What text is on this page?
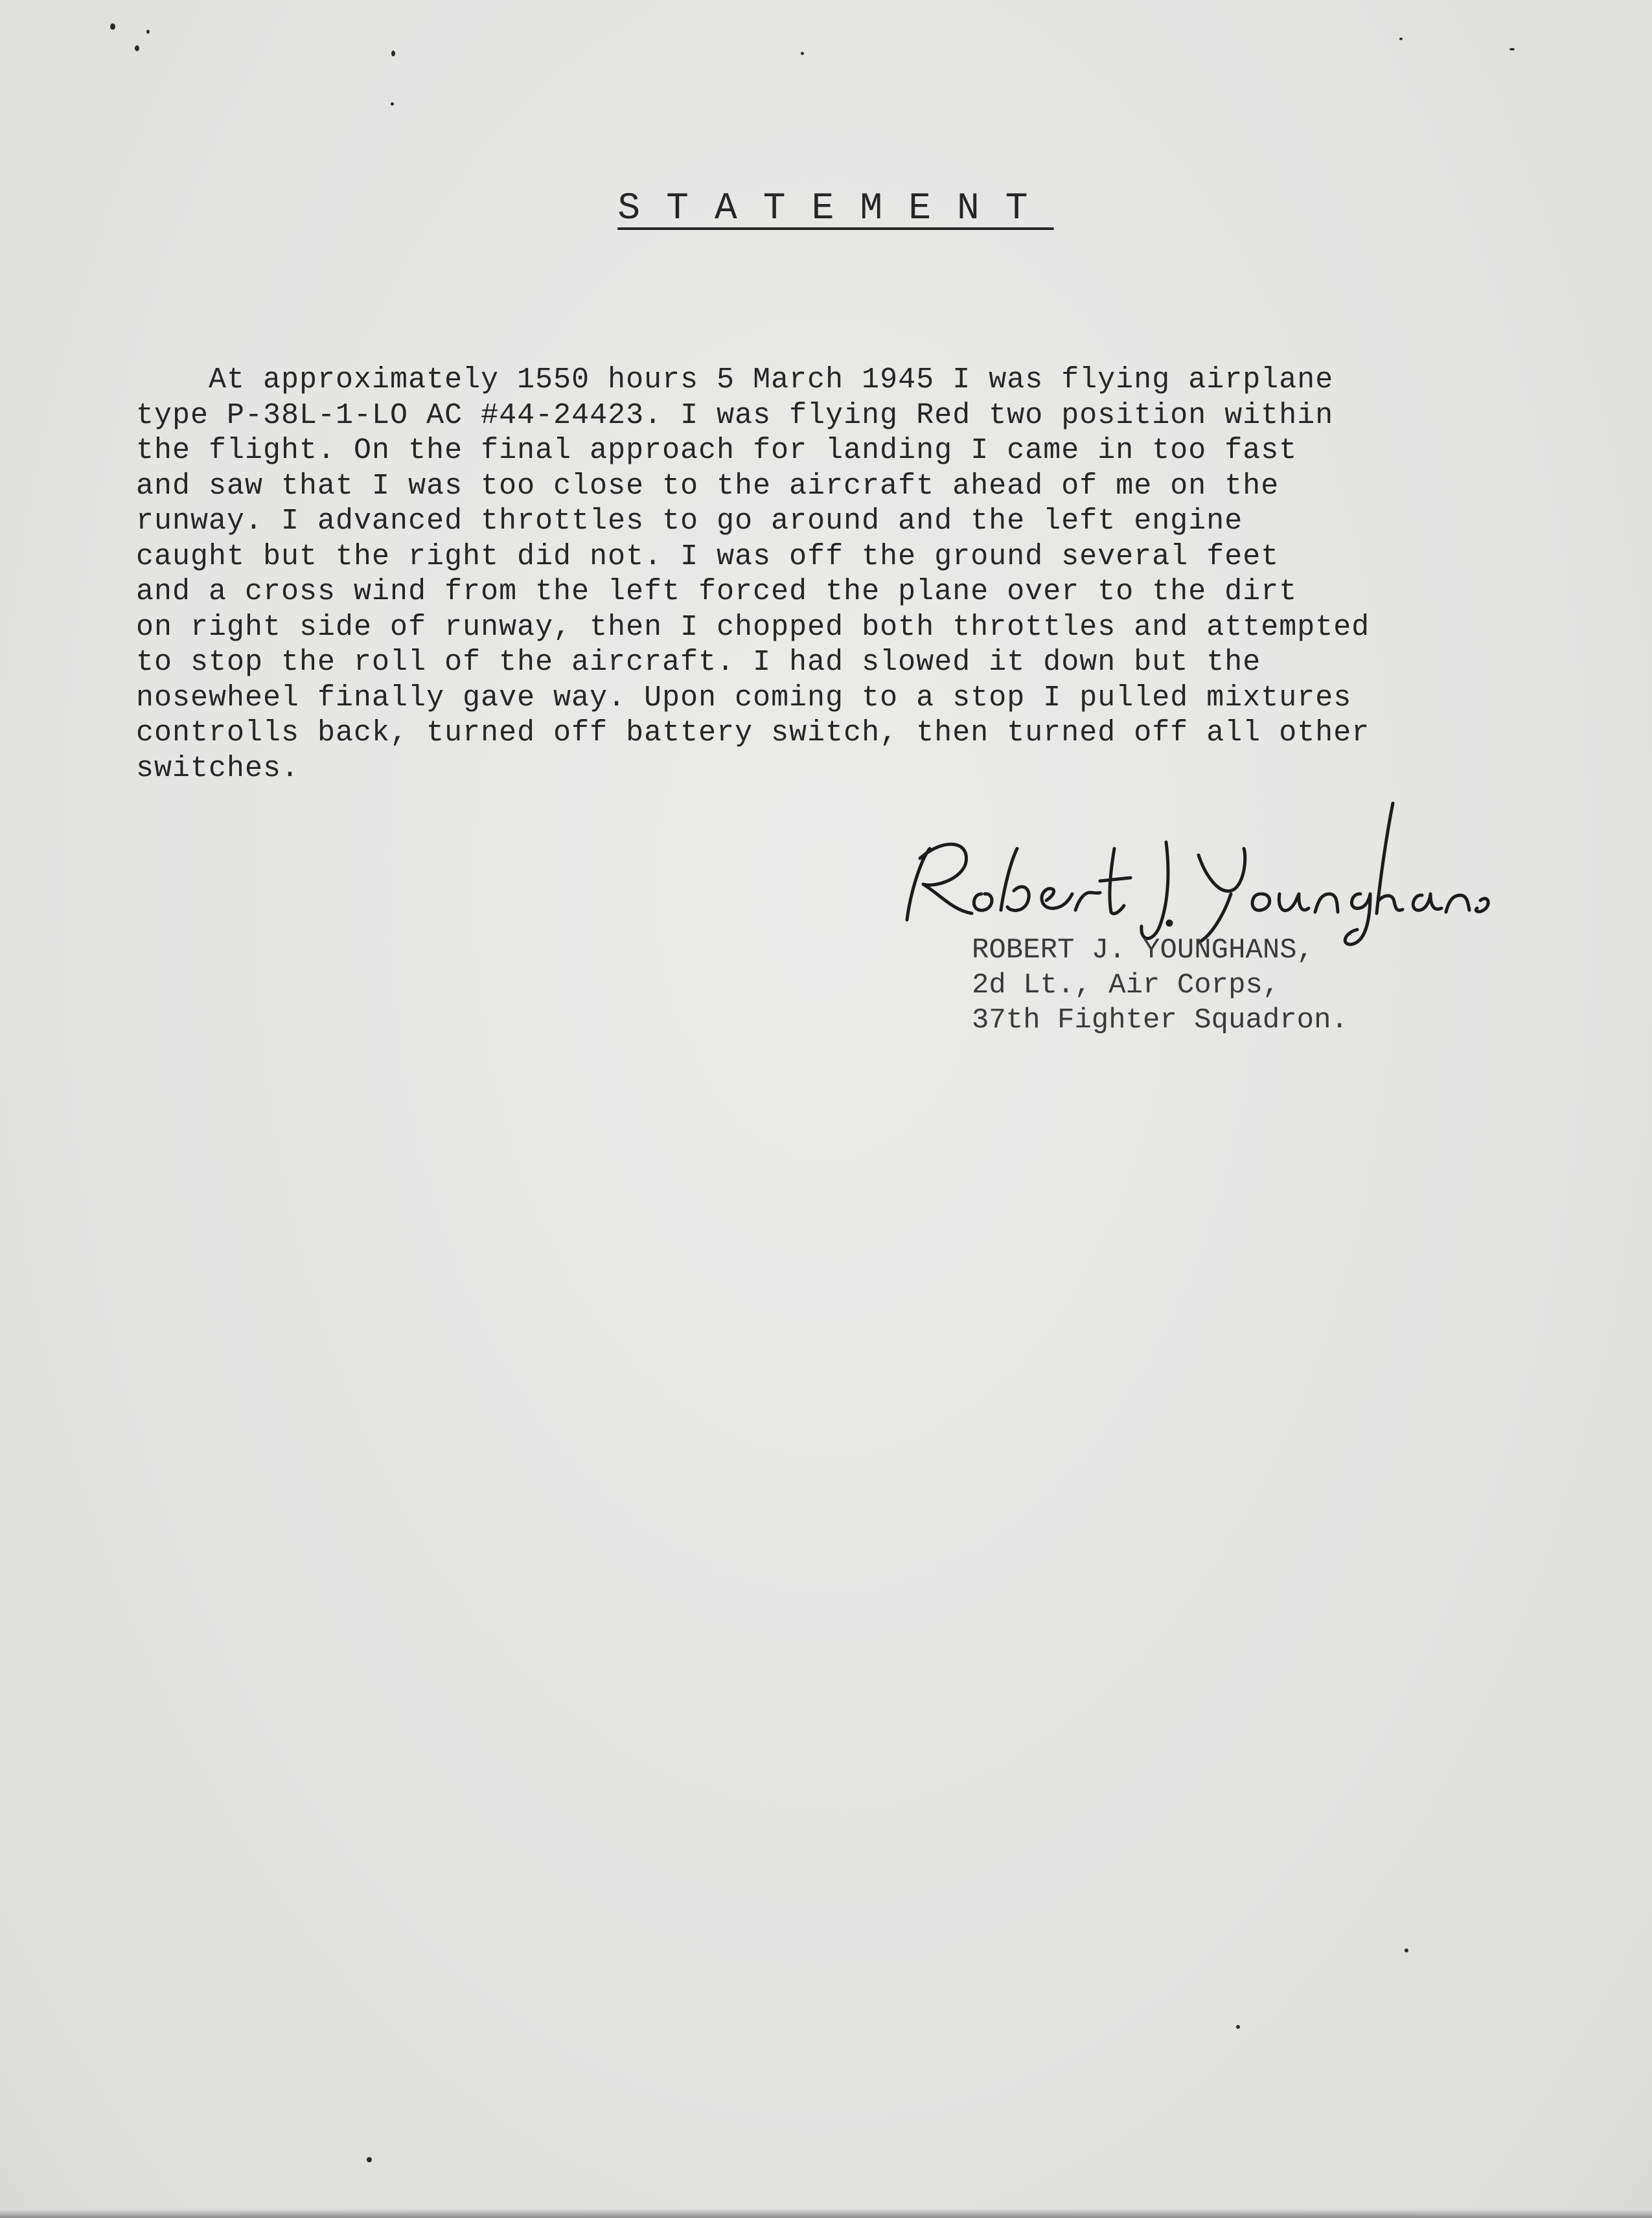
STATEMENT
At approximately 1550 hours 5 March 1945 I was flying airplane
type P-38L-1-LO AC #44-24423. I was flying Red two position within
the flight. On the final approach for landing I came in too fast
and saw that I was too close to the aircraft ahead of me on the
runway. I advanced throttles to go around and the left engine
caught but the right did not. I was off the ground several feet
and a cross wind from the left forced the plane over to the dirt
on right side of runway, then I chopped both throttles and attempted
to stop the roll of the aircraft. I had slowed it down but the
nosewheel finally gave way. Upon coming to a stop I pulled mixtures
controlls back, turned off battery switch, then turned off all other
switches.
ROBERT J. YOUNGHANS,
2d Lt., Air Corps,
37th Fighter Squadron.
